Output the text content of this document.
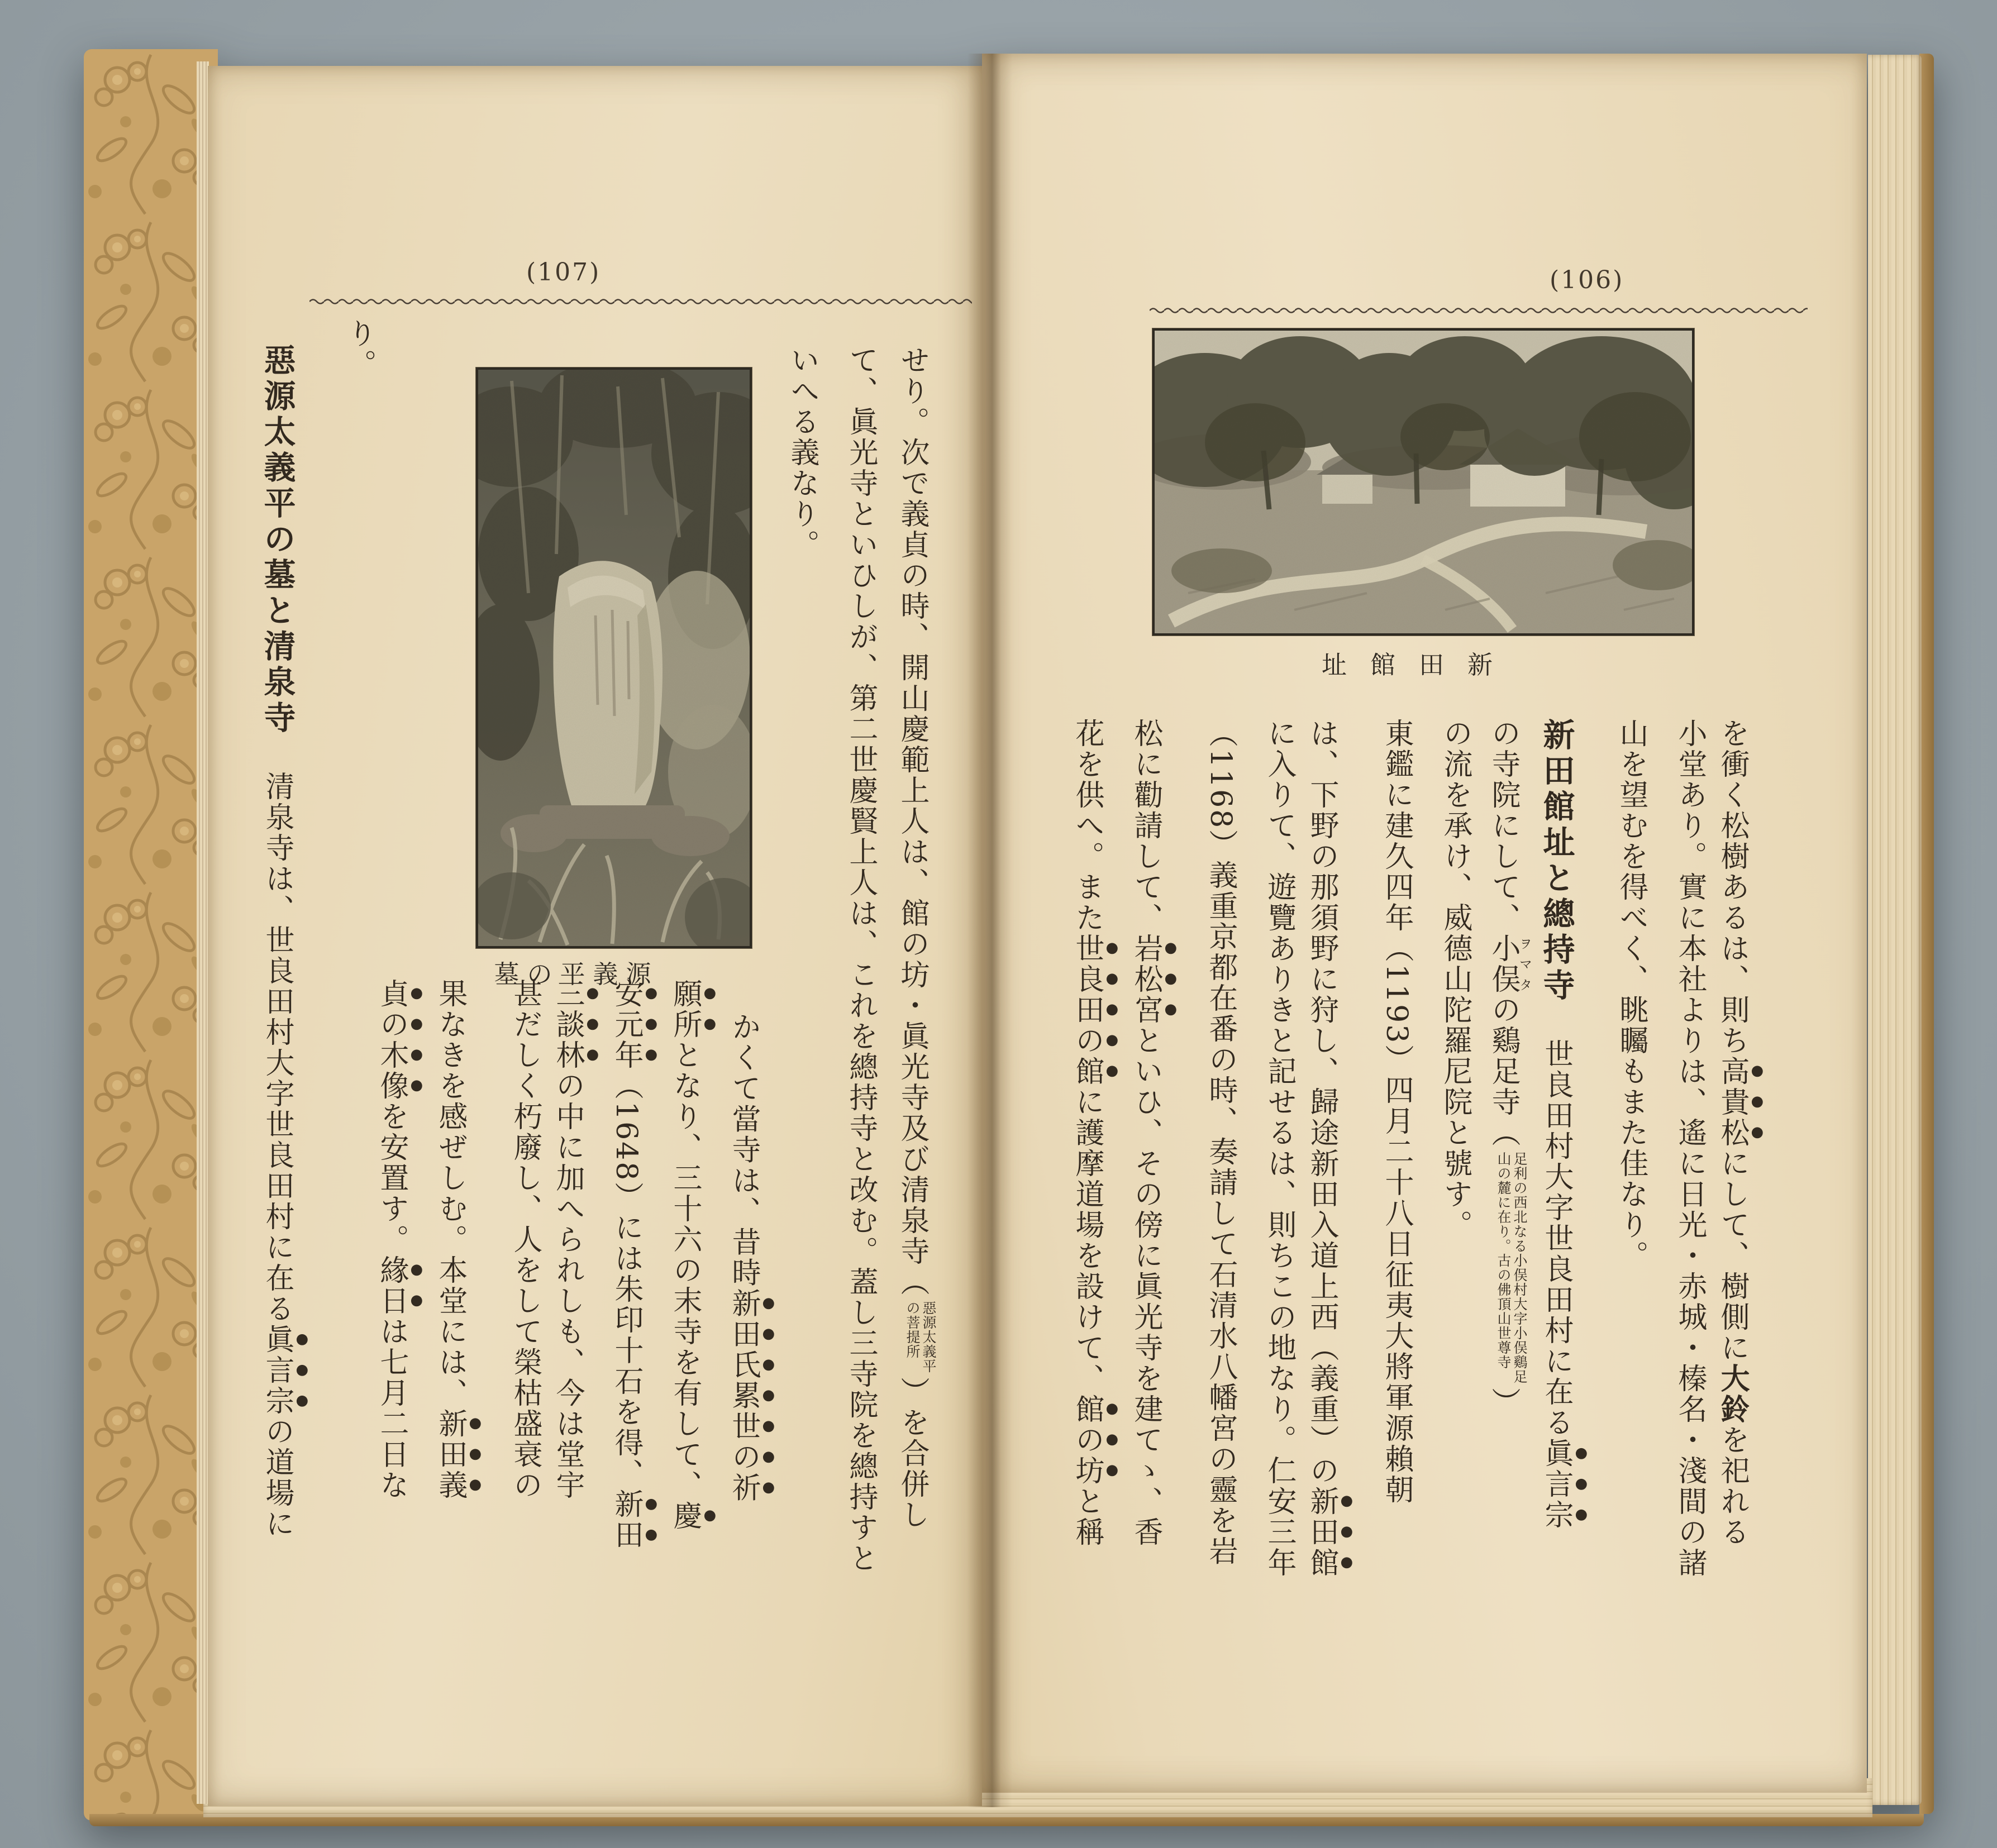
(107)
せり。次で義貞の時、開山慶範上人は、館の坊・眞光寺及び清泉寺（
惡源太義平
の菩提所
）を合併し
て、眞光寺といひしが、第二世慶賢上人は、これを總持寺と改む。蓋し三寺院を總持すと
いへる義なり。
墓の平義源
かくて當寺は、昔時新田氏累世の祈
願所となり、三十六の末寺を有して、慶
安元年（1648）には朱印十石を得、新田
三談林の中に加へられしも、今は堂宇
甚だしく朽廢し、人をして榮枯盛衰の
果なきを感ぜしむ。本堂には、新田義
貞の木像を安置す。緣日は七月二日な
り。
惡源太義平の墓と清泉寺清泉寺は、世良田村大字世良田村に在る眞言宗の道場に
(106)
址館田新
を衝く松樹あるは、則ち高貴松にして、樹側に大鈴を祀れる
小堂あり。實に本社よりは、遙に日光・赤城・榛名・淺間の諸
山を望むを得べく、眺矚もまた佳なり。
新田館址と總持寺世良田村大字世良田村に在る眞言宗
の寺院にして、小俣ヲマタの鷄足寺（
足利の西北なる小俣村大字小俣鷄足
山の麓に在り。古の佛頂山世尊寺
）
の流を承け、威德山陀羅尼院と號す。
東鑑に建久四年（1193）四月二十八日征夷大將軍源賴朝
は、下野の那須野に狩し、歸途新田入道上西（義重）の新田館
に入りて、遊覽ありきと記せるは、則ちこの地なり。仁安三年
（1168）義重京都在番の時、奏請して石清水八幡宮の靈を岩
松に勸請して、岩松宮といひ、その傍に眞光寺を建てゝ、香
花を供へ。また世良田の館に護摩道場を設けて、館の坊と稱
